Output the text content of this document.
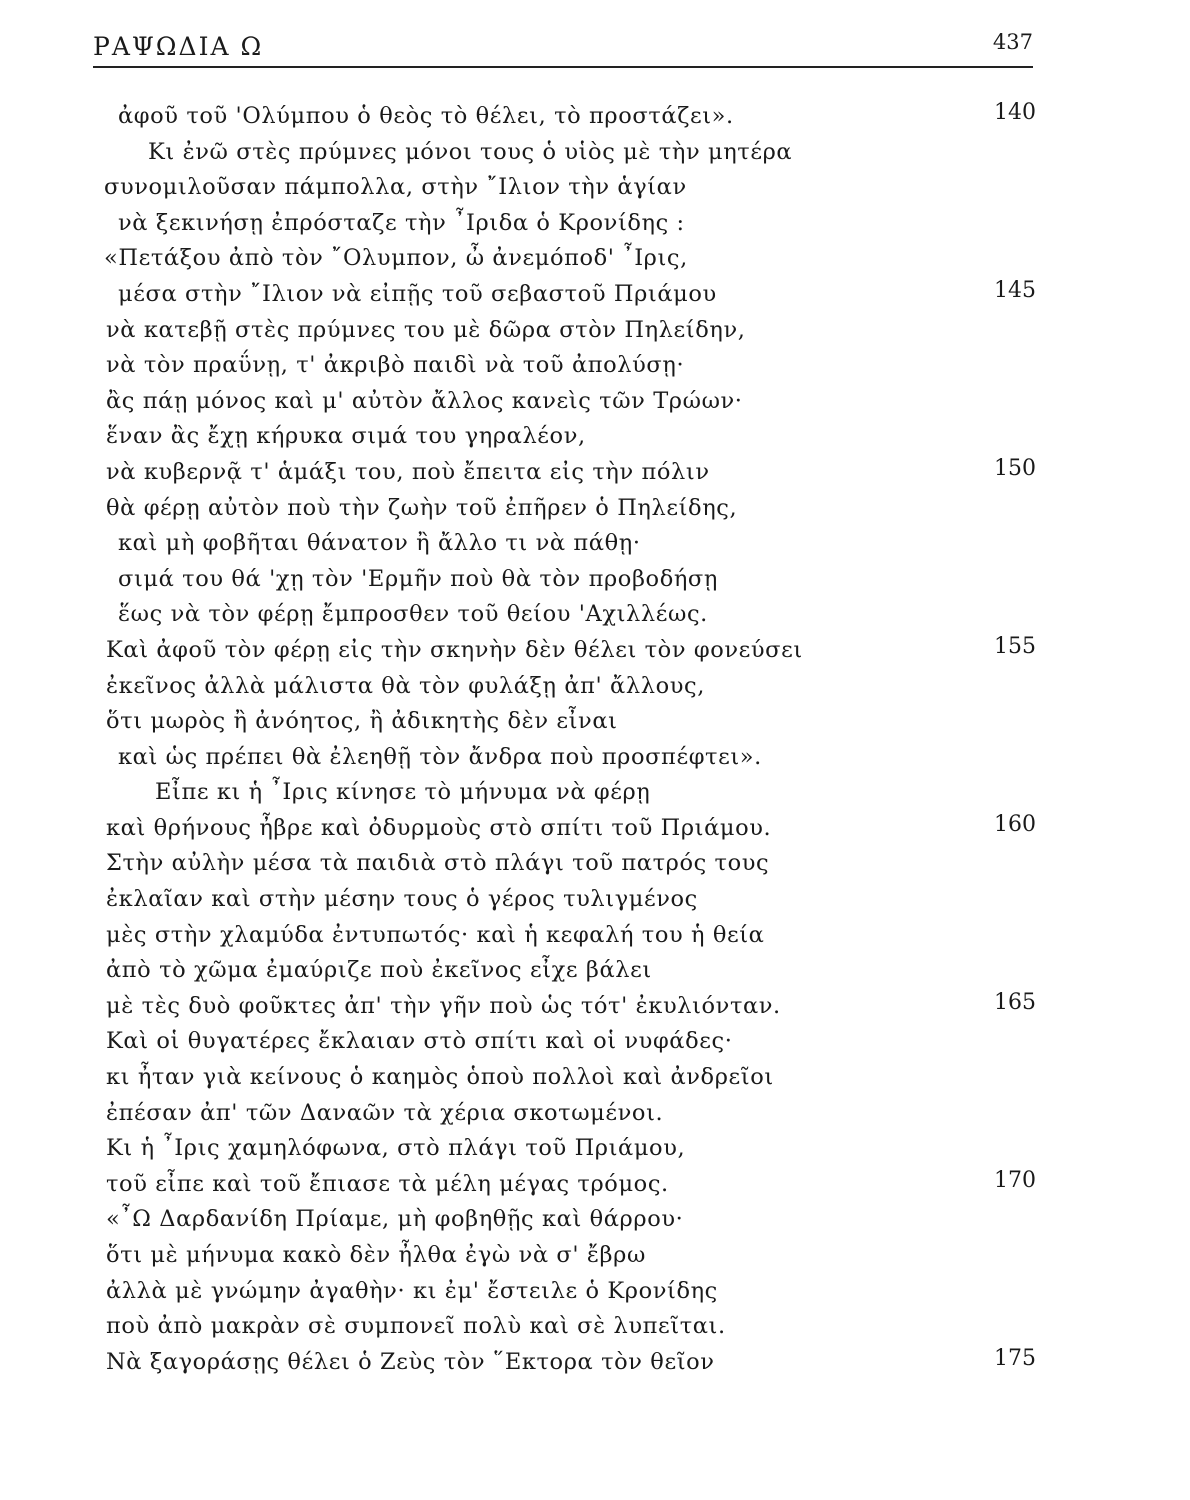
ΡΑΨΩΔΙΑ Ω	437
ἀφοῦ τοῦ 'Ολύμπου ὁ θεὸς τὸ θέλει, τὸ προστάζει».	140
Κι ἐνῶ στὲς πρύμνες μόνοι τους ὁ υἱὸς μὲ τὴν μητέρα
συνομιλοῦσαν πάμπολλα, στὴν ῎Ιλιον τὴν ἁγίαν
νὰ ξεκινήσῃ ἐπρόσταζε τὴν ῏Ιριδα ὁ Κρονίδης :
«Πετάξου ἀπὸ τὸν ῎Ολυμπον, ὦ ἀνεμόποδ' ῏Ιρις,
μέσα στὴν ῎Ιλιον νὰ εἰπῇς τοῦ σεβαστοῦ Πριάμου	145
νὰ κατεβῇ στὲς πρύμνες του μὲ δῶρα στὸν Πηλείδην,
νὰ τὸν πραΰνῃ, τ' ἀκριβὸ παιδὶ νὰ τοῦ ἀπολύσῃ·
ἂς πάῃ μόνος καὶ μ' αὐτὸν ἄλλος κανεὶς τῶν Τρώων·
ἕναν ἂς ἔχῃ κήρυκα σιμά του γηραλέον,
νὰ κυβερνᾷ τ' ἁμάξι του, ποὺ ἔπειτα εἰς τὴν πόλιν	150
θὰ φέρῃ αὐτὸν ποὺ τὴν ζωὴν τοῦ ἐπῆρεν ὁ Πηλείδης,
καὶ μὴ φοβῆται θάνατον ἢ ἄλλο τι νὰ πάθῃ·
σιμά του θά 'χῃ τὸν 'Ερμῆν ποὺ θὰ τὸν προβοδήσῃ
ἕως νὰ τὸν φέρῃ ἔμπροσθεν τοῦ θείου 'Αχιλλέως.
Καὶ ἀφοῦ τὸν φέρῃ εἰς τὴν σκηνὴν δὲν θέλει τὸν φονεύσει	155
ἐκεῖνος ἀλλὰ μάλιστα θὰ τὸν φυλάξῃ ἀπ' ἄλλους,
ὅτι μωρὸς ἢ ἀνόητος, ἢ ἀδικητὴς δὲν εἶναι
καὶ ὡς πρέπει θὰ ἐλεηθῇ τὸν ἄνδρα ποὺ προσπέφτει».
Εἶπε κι ἡ ῏Ιρις κίνησε τὸ μήνυμα νὰ φέρῃ
καὶ θρήνους ἦβρε καὶ ὀδυρμοὺς στὸ σπίτι τοῦ Πριάμου.	160
Στὴν αὐλὴν μέσα τὰ παιδιὰ στὸ πλάγι τοῦ πατρός τους
ἐκλαῖαν καὶ στὴν μέσην τους ὁ γέρος τυλιγμένος
μὲς στὴν χλαμύδα ἐντυπωτός· καὶ ἡ κεφαλή του ἡ θεία
ἀπὸ τὸ χῶμα ἐμαύριζε ποὺ ἐκεῖνος εἶχε βάλει
μὲ τὲς δυὸ φοῦκτες ἀπ' τὴν γῆν ποὺ ὡς τότ' ἐκυλιόνταν.	165
Καὶ οἱ θυγατέρες ἔκλαιαν στὸ σπίτι καὶ οἱ νυφάδες·
κι ἦταν γιὰ κείνους ὁ καημὸς ὁποὺ πολλοὶ καὶ ἀνδρεῖοι
ἐπέσαν ἀπ' τῶν Δαναῶν τὰ χέρια σκοτωμένοι.
Κι ἡ ῏Ιρις χαμηλόφωνα, στὸ πλάγι τοῦ Πριάμου,
τοῦ εἶπε καὶ τοῦ ἔπιασε τὰ μέλη μέγας τρόμος.	170
«῏Ω Δαρδανίδη Πρίαμε, μὴ φοβηθῇς καὶ θάρρου·
ὅτι μὲ μήνυμα κακὸ δὲν ἦλθα ἐγὼ νὰ σ' ἔβρω
ἀλλὰ μὲ γνώμην ἀγαθὴν· κι ἐμ' ἔστειλε ὁ Κρονίδης
ποὺ ἀπὸ μακρὰν σὲ συμπονεῖ πολὺ καὶ σὲ λυπεῖται.
Νὰ ξαγοράσῃς θέλει ὁ Ζεὺς τὸν ῞Εκτορα τὸν θεῖον	175
